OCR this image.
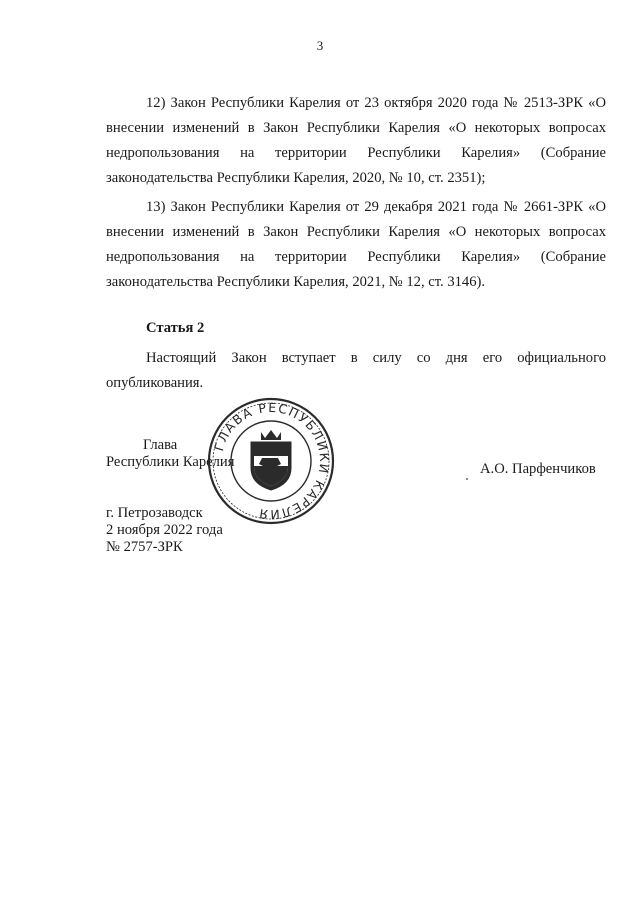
3

12) Закон Республики Карелия от 23 октября 2020 года № 2513-ЗРК «О внесении изменений в Закон Республики Карелия «О некоторых вопросах недропользования на территории Республики Карелия» (Собрание законодательства Республики Карелия, 2020, № 10, ст. 2351);

13) Закон Республики Карелия от 29 декабря 2021 года № 2661-ЗРК «О внесении изменений в Закон Республики Карелия «О некоторых вопросах недропользования на территории Республики Карелия» (Собрание законодательства Республики Карелия, 2021, № 12, ст. 3146).

Статья 2

Настоящий Закон вступает в силу со дня его официального опубликования.

Глава

Республики Карелия

ГЛАВА РЕСПУБЛИКИ КАРЕЛИЯ

А.О. Парфенчиков

г. Петрозаводск

2 ноября 2022 года

№ 2757-ЗРК
